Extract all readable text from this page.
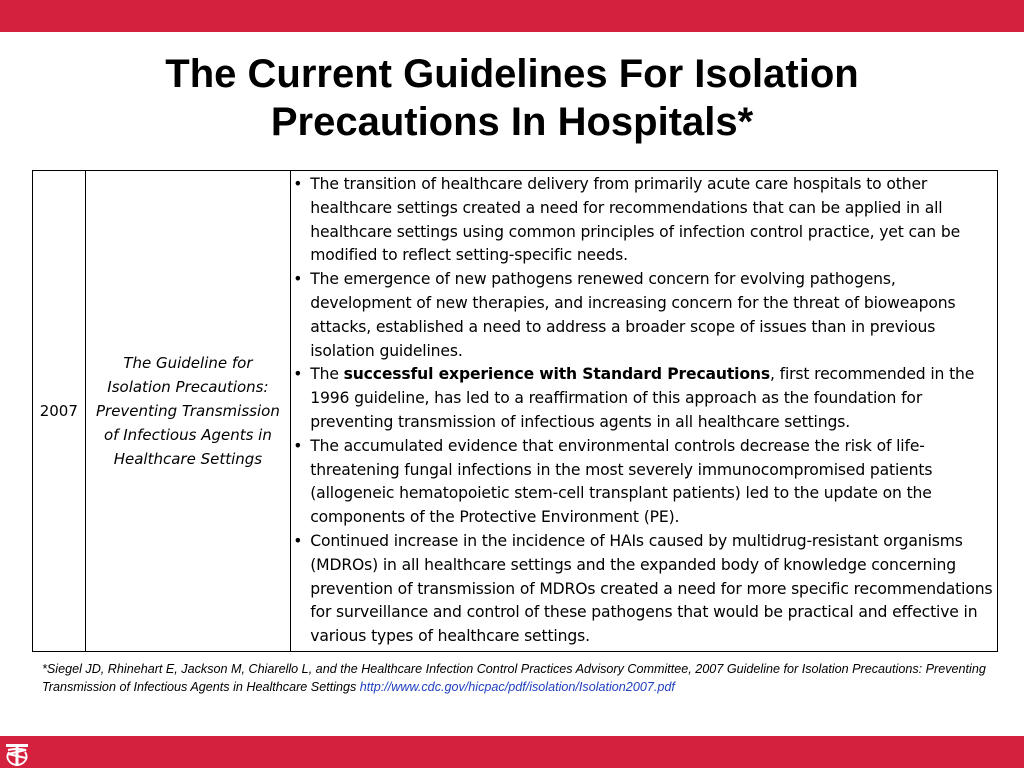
The Current Guidelines For Isolation
Precautions In Hospitals*
2007	The Guideline for Isolation Precautions: Preventing Transmission of Infectious Agents in Healthcare Settings	
• The transition of healthcare delivery from primarily acute care hospitals to other healthcare settings created a need for recommendations that can be applied in all healthcare settings using common principles of infection control practice, yet can be modified to reflect setting-specific needs.
• The emergence of new pathogens renewed concern for evolving pathogens, development of new therapies, and increasing concern for the threat of bioweapons attacks, established a need to address a broader scope of issues than in previous isolation guidelines.
• The successful experience with Standard Precautions, first recommended in the 1996 guideline, has led to a reaffirmation of this approach as the foundation for preventing transmission of infectious agents in all healthcare settings.
• The accumulated evidence that environmental controls decrease the risk of life-threatening fungal infections in the most severely immunocompromised patients (allogeneic hematopoietic stem-cell transplant patients) led to the update on the components of the Protective Environment (PE).
• Continued increase in the incidence of HAIs caused by multidrug-resistant organisms (MDROs) in all healthcare settings and the expanded body of knowledge concerning prevention of transmission of MDROs created a need for more specific recommendations for surveillance and control of these pathogens that would be practical and effective in various types of healthcare settings.
*Siegel JD, Rhinehart E, Jackson M, Chiarello L, and the Healthcare Infection Control Practices Advisory Committee, 2007 Guideline for Isolation Precautions: Preventing Transmission of Infectious Agents in Healthcare Settings http://www.cdc.gov/hicpac/pdf/isolation/Isolation2007.pdf
